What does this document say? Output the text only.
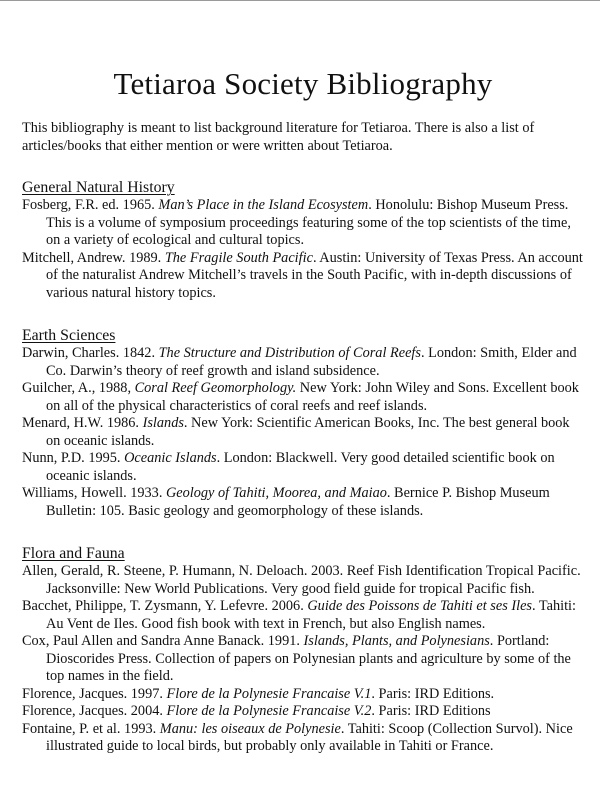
Tetiaroa Society Bibliography

This bibliography is meant to list background literature for Tetiaroa. There is also a list of articles/books that either mention or were written about Tetiaroa.

General Natural History
Fosberg, F.R. ed. 1965. Man’s Place in the Island Ecosystem. Honolulu: Bishop Museum Press. This is a volume of symposium proceedings featuring some of the top scientists of the time, on a variety of ecological and cultural topics.
Mitchell, Andrew. 1989. The Fragile South Pacific. Austin: University of Texas Press. An account of the naturalist Andrew Mitchell’s travels in the South Pacific, with in-depth discussions of various natural history topics.
Earth Sciences
Darwin, Charles. 1842. The Structure and Distribution of Coral Reefs. London: Smith, Elder and Co. Darwin’s theory of reef growth and island subsidence.
Guilcher, A., 1988, Coral Reef Geomorphology. New York: John Wiley and Sons. Excellent book on all of the physical characteristics of coral reefs and reef islands.
Menard, H.W. 1986. Islands. New York: Scientific American Books, Inc. The best general book on oceanic islands.
Nunn, P.D. 1995. Oceanic Islands. London: Blackwell. Very good detailed scientific book on oceanic islands.
Williams, Howell. 1933. Geology of Tahiti, Moorea, and Maiao. Bernice P. Bishop Museum Bulletin: 105. Basic geology and geomorphology of these islands.
Flora and Fauna
Allen, Gerald, R. Steene, P. Humann, N. Deloach. 2003. Reef Fish Identification Tropical Pacific. Jacksonville: New World Publications. Very good field guide for tropical Pacific fish.
Bacchet, Philippe, T. Zysmann, Y. Lefevre. 2006. Guide des Poissons de Tahiti et ses Iles. Tahiti: Au Vent de Iles. Good fish book with text in French, but also English names.
Cox, Paul Allen and Sandra Anne Banack. 1991. Islands, Plants, and Polynesians. Portland: Dioscorides Press. Collection of papers on Polynesian plants and agriculture by some of the top names in the field.
Florence, Jacques. 1997. Flore de la Polynesie Francaise V.1. Paris: IRD Editions.
Florence, Jacques. 2004. Flore de la Polynesie Francaise V.2. Paris: IRD Editions
Fontaine, P. et al. 1993. Manu: les oiseaux de Polynesie. Tahiti: Scoop (Collection Survol). Nice illustrated guide to local birds, but probably only available in Tahiti or France.
